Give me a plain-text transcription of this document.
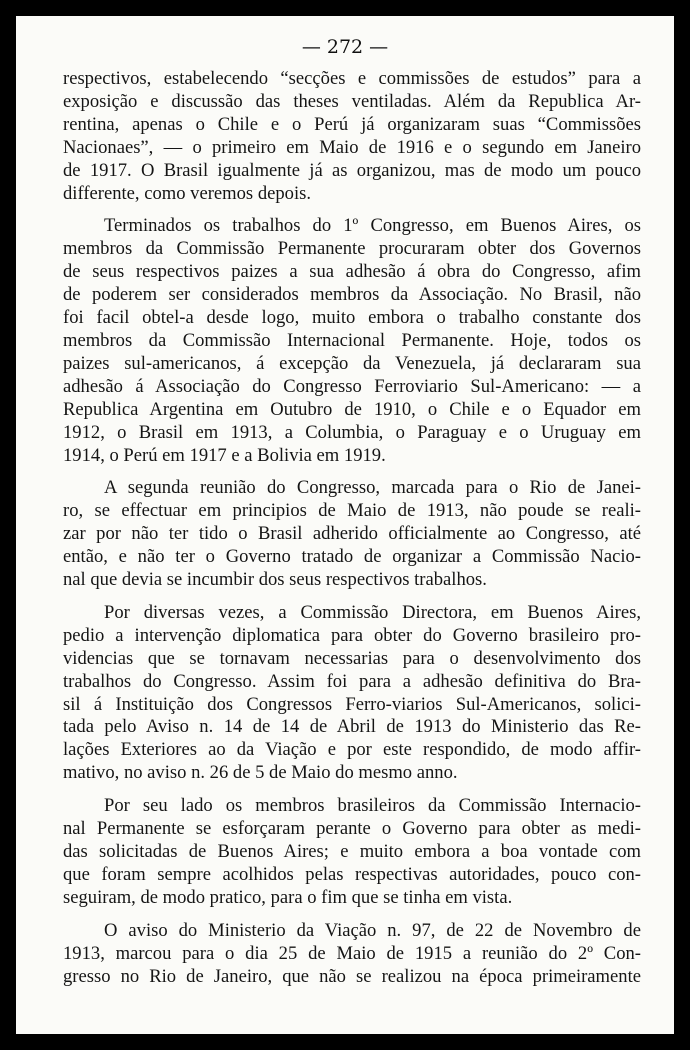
— 272 —

respectivos, estabelecendo “secções e commissões de estudos” para a
exposição e discussão das theses ventiladas. Além da Republica Ar-
rentina, apenas o Chile e o Perú já organizaram suas “Commissões
Nacionaes”, — o primeiro em Maio de 1916 e o segundo em Janeiro
de 1917. O Brasil igualmente já as organizou, mas de modo um pouco
differente, como veremos depois.

Terminados os trabalhos do 1º Congresso, em Buenos Aires, os
membros da Commissão Permanente procuraram obter dos Governos
de seus respectivos paizes a sua adhesão á obra do Congresso, afim
de poderem ser considerados membros da Associação. No Brasil, não
foi facil obtel-a desde logo, muito embora o trabalho constante dos
membros da Commissão Internacional Permanente. Hoje, todos os
paizes sul-americanos, á excepção da Venezuela, já declararam sua
adhesão á Associação do Congresso Ferroviario Sul-Americano: — a
Republica Argentina em Outubro de 1910, o Chile e o Equador em
1912, o Brasil em 1913, a Columbia, o Paraguay e o Uruguay em
1914, o Perú em 1917 e a Bolivia em 1919.

A segunda reunião do Congresso, marcada para o Rio de Janei-
ro, se effectuar em principios de Maio de 1913, não poude se reali-
zar por não ter tido o Brasil adherido officialmente ao Congresso, até
então, e não ter o Governo tratado de organizar a Commissão Nacio-
nal que devia se incumbir dos seus respectivos trabalhos.

Por diversas vezes, a Commissão Directora, em Buenos Aires,
pedio a intervenção diplomatica para obter do Governo brasileiro pro-
videncias que se tornavam necessarias para o desenvolvimento dos
trabalhos do Congresso. Assim foi para a adhesão definitiva do Bra-
sil á Instituição dos Congressos Ferro-viarios Sul-Americanos, solici-
tada pelo Aviso n. 14 de 14 de Abril de 1913 do Ministerio das Re-
lações Exteriores ao da Viação e por este respondido, de modo affir-
mativo, no aviso n. 26 de 5 de Maio do mesmo anno.

Por seu lado os membros brasileiros da Commissão Internacio-
nal Permanente se esforçaram perante o Governo para obter as medi-
das solicitadas de Buenos Aires; e muito embora a boa vontade com
que foram sempre acolhidos pelas respectivas autoridades, pouco con-
seguiram, de modo pratico, para o fim que se tinha em vista.

O aviso do Ministerio da Viação n. 97, de 22 de Novembro de
1913, marcou para o dia 25 de Maio de 1915 a reunião do 2º Con-
gresso no Rio de Janeiro, que não se realizou na época primeiramente
